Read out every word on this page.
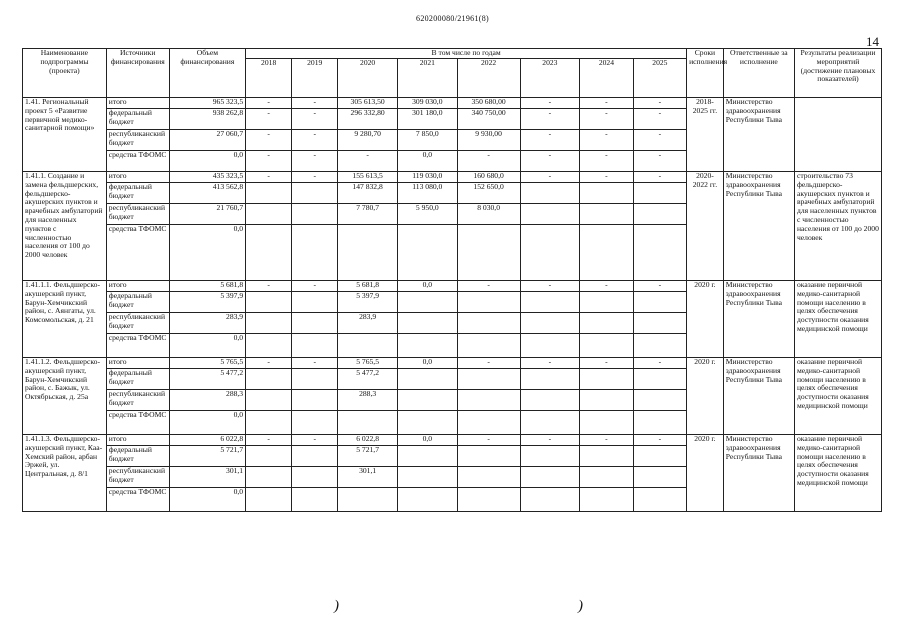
620200080/21961(8)
14
Наименование подпрограммы (проекта)	Источники финансирования	Объем финансирования	В том числе по годам								Сроки исполнения	Ответственные за исполнение	Результаты реализации мероприятий (достижение плановых показателей)
			2018	2019	2020	2021	2022	2023	2024	2025			
1.41. Региональный проект 5 «Развитие первичной медико-санитарной помощи»	итого	965 323,5	-	-	305 613,50	309 030,0	350 680,00	-	-	-	2018-2025 гг.	Министерство здравоохранения Республики Тыва	
	федеральный бюджет	938 262,8	-	-	296 332,80	301 180,0	340 750,00	-	-	-			
	республиканский бюджет	27 060,7	-	-	9 280,70	7 850,0	9 930,00	-	-	-			
	средства ТФОМС	0,0	-	-	-	0,0	-	-	-	-			
1.41.1. Создание и замена фельдшерских, фельдшерско-акушерских пунктов и врачебных амбулаторий для населенных пунктов с численностью населения от 100 до 2000 человек	итого	435 323,5	-	-	155 613,5	119 030,0	160 680,0	-	-	-	2020-2022 гг.	Министерство здравоохранения Республики Тыва	строительство 73 фельдшерско-акушерских пунктов и врачебных амбулаторий для населенных пунктов с численностью населения от 100 до 2000 человек
	федеральный бюджет	413 562,8			147 832,8	113 080,0	152 650,0						
	республиканский бюджет	21 760,7			7 780,7	5 950,0	8 030,0						
	средства ТФОМС	0,0											
1.41.1.1. Фельдшерско-акушерский пункт, Барун-Хемчикский район, с. Аянгаты, ул. Комсомольская, д. 21	итого	5 681,8	-	-	5 681,8	0,0	-	-	-	-	2020 г.	Министерство здравоохранения Республики Тыва	оказание первичной медико-санитарной помощи населению в целях обеспечения доступности оказания медицинской помощи
	федеральный бюджет	5 397,9			5 397,9								
	республиканский бюджет	283,9			283,9								
	средства ТФОМС	0,0											
1.41.1.2. Фельдшерско-акушерский пункт, Барун-Хемчикский район, с. Бажык, ул. Октябрьская, д. 25а	итого	5 765,5	-	-	5 765,5	0,0	-	-	-	-	2020 г.	Министерство здравоохранения Республики Тыва	оказание первичной медико-санитарной помощи населению в целях обеспечения доступности оказания медицинской помощи
	федеральный бюджет	5 477,2			5 477,2								
	республиканский бюджет	288,3			288,3								
	средства ТФОМС	0,0											
1.41.1.3. Фельдшерско-акушерский пункт, Каа-Хемский район, арбан Эржей, ул. Центральная, д. 8/1	итого	6 022,8	-	-	6 022,8	0,0	-	-	-	-	2020 г.	Министерство здравоохранения Республики Тыва	оказание первичной медико-санитарной помощи населению в целях обеспечения доступности оказания медицинской помощи
	федеральный бюджет	5 721,7			5 721,7								
	республиканский бюджет	301,1			301,1								
	средства ТФОМС	0,0											
)	)
